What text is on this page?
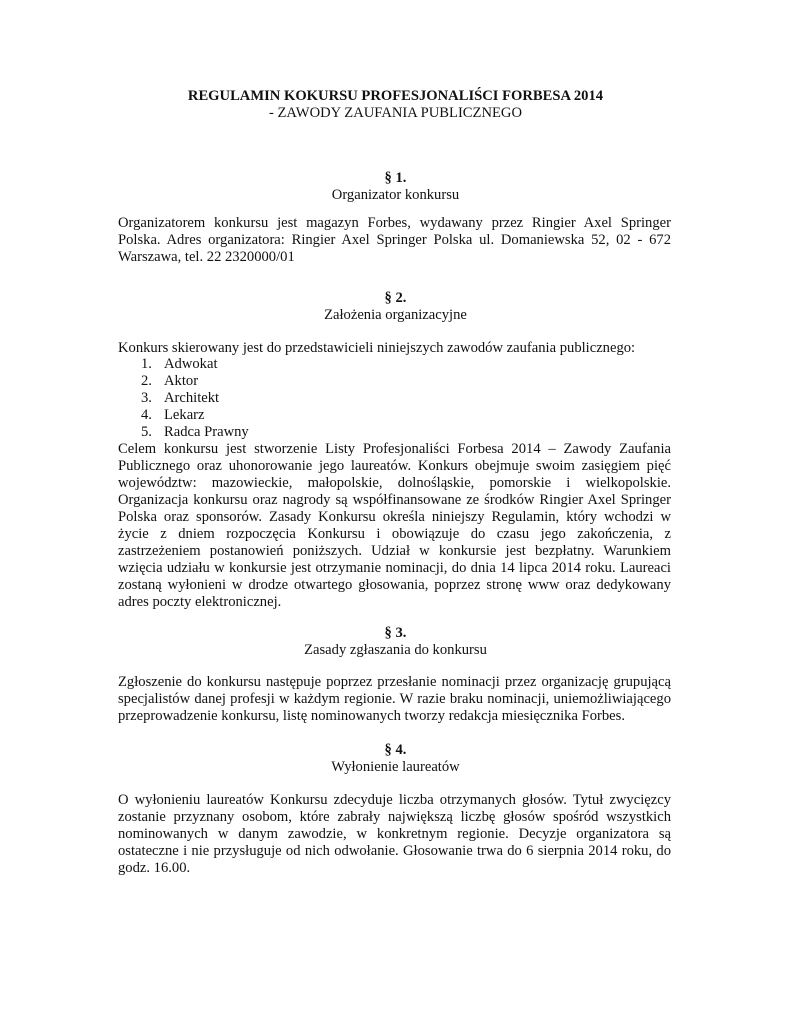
REGULAMIN KOKURSU PROFESJONALIŚCI FORBESA 2014
- ZAWODY ZAUFANIA PUBLICZNEGO
§ 1.
Organizator konkursu
Organizatorem konkursu jest magazyn Forbes, wydawany przez Ringier Axel Springer Polska. Adres organizatora: Ringier Axel Springer Polska ul. Domaniewska 52, 02 ‑ 672 Warszawa, tel. 22 2320000/01
§ 2.
Założenia organizacyjne
Konkurs skierowany jest do przedstawicieli niniejszych zawodów zaufania publicznego:
1. Adwokat
2. Aktor
3. Architekt
4. Lekarz
5. Radca Prawny
Celem konkursu jest stworzenie Listy Profesjonaliści Forbesa 2014 – Zawody Zaufania Publicznego oraz uhonorowanie jego laureatów. Konkurs obejmuje swoim zasięgiem pięć województw: mazowieckie, małopolskie, dolnośląskie, pomorskie i wielkopolskie. Organizacja konkursu oraz nagrody są współfinansowane ze środków Ringier Axel Springer Polska oraz sponsorów. Zasady Konkursu określa niniejszy Regulamin, który wchodzi w życie z dniem rozpoczęcia Konkursu i obowiązuje do czasu jego zakończenia, z zastrzeżeniem postanowień poniższych. Udział w konkursie jest bezpłatny. Warunkiem wzięcia udziału w konkursie jest otrzymanie nominacji, do dnia 14 lipca 2014 roku. Laureaci zostaną wyłonieni w drodze otwartego głosowania, poprzez stronę www oraz dedykowany adres poczty elektronicznej.
§ 3.
Zasady zgłaszania do konkursu
Zgłoszenie do konkursu następuje poprzez przesłanie nominacji przez organizację grupującą specjalistów danej profesji w każdym regionie. W razie braku nominacji, uniemożliwiającego przeprowadzenie konkursu, listę nominowanych tworzy redakcja miesięcznika Forbes.
§ 4.
Wyłonienie laureatów
O wyłonieniu laureatów Konkursu zdecyduje liczba otrzymanych głosów. Tytuł zwycięzcy zostanie przyznany osobom, które zabrały największą liczbę głosów spośród wszystkich nominowanych w danym zawodzie, w konkretnym regionie. Decyzje organizatora są ostateczne i nie przysługuje od nich odwołanie. Głosowanie trwa do 6 sierpnia 2014 roku, do godz. 16.00.
